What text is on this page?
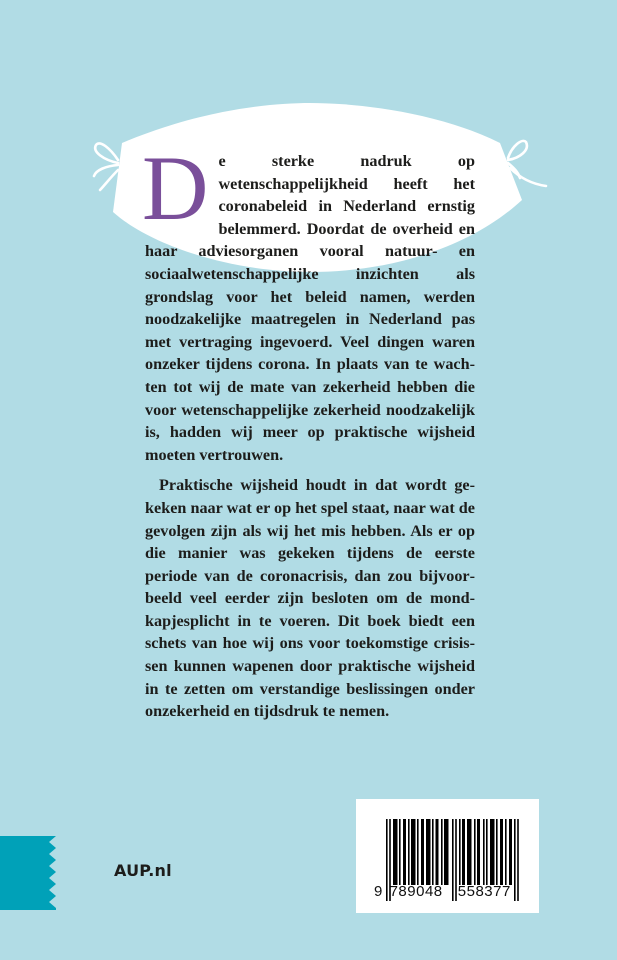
De sterke nadruk op wetenschappelijkheid heeft het coronabeleid in Nederland ernstig belemmerd. Doordat de overheid en haar adviesorganen vooral natuur- en sociaalwetenschappelijke inzichten als grondslag voor het beleid namen, werden noodzakelijke maatregelen in Nederland pas met vertraging ingevoerd. Veel dingen waren onzeker tijdens corona. In plaats van te wachten tot wij de mate van zekerheid hebben die voor wetenschappelijke zekerheid noodzakelijk is, hadden wij meer op praktische wijsheid moeten vertrouwen.

Praktische wijsheid houdt in dat wordt gekeken naar wat er op het spel staat, naar wat de gevolgen zijn als wij het mis hebben. Als er op die manier was gekeken tijdens de eerste periode van de coronacrisis, dan zou bijvoorbeeld veel eerder zijn besloten om de mondkapjesplicht in te voeren. Dit boek biedt een schets van hoe wij ons voor toekomstige crisissen kunnen wapenen door praktische wijsheid in te zetten om verstandige beslissingen onder onzekerheid en tijdsdruk te nemen.

AUP.nl
9 789048	558377
